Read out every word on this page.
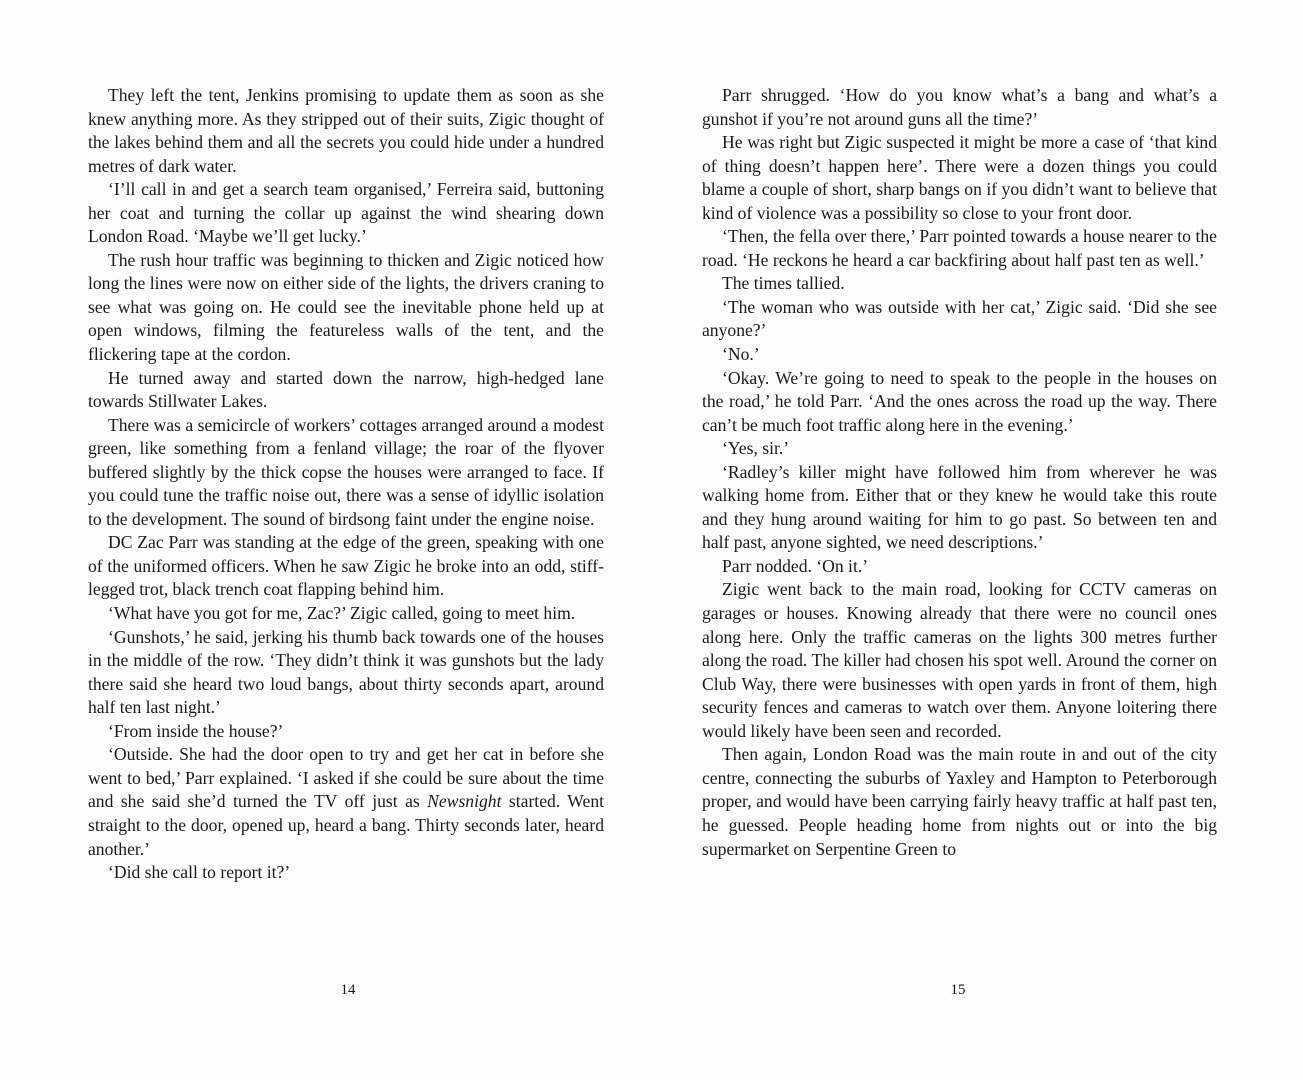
They left the tent, Jenkins promising to update them as soon as she knew anything more. As they stripped out of their suits, Zigic thought of the lakes behind them and all the secrets you could hide under a hundred metres of dark water.

‘I’ll call in and get a search team organised,’ Ferreira said, buttoning her coat and turning the collar up against the wind shearing down London Road. ‘Maybe we’ll get lucky.’

The rush hour traffic was beginning to thicken and Zigic noticed how long the lines were now on either side of the lights, the drivers craning to see what was going on. He could see the inevitable phone held up at open windows, filming the featureless walls of the tent, and the flickering tape at the cordon.

He turned away and started down the narrow, high-hedged lane towards Stillwater Lakes.

There was a semicircle of workers’ cottages arranged around a modest green, like something from a fenland village; the roar of the flyover buffered slightly by the thick copse the houses were arranged to face. If you could tune the traffic noise out, there was a sense of idyllic isolation to the development. The sound of birdsong faint under the engine noise.

DC Zac Parr was standing at the edge of the green, speaking with one of the uniformed officers. When he saw Zigic he broke into an odd, stiff-legged trot, black trench coat flapping behind him.

‘What have you got for me, Zac?’ Zigic called, going to meet him.

‘Gunshots,’ he said, jerking his thumb back towards one of the houses in the middle of the row. ‘They didn’t think it was gunshots but the lady there said she heard two loud bangs, about thirty seconds apart, around half ten last night.’

‘From inside the house?’

‘Outside. She had the door open to try and get her cat in before she went to bed,’ Parr explained. ‘I asked if she could be sure about the time and she said she’d turned the TV off just as Newsnight started. Went straight to the door, opened up, heard a bang. Thirty seconds later, heard another.’

‘Did she call to report it?’

14

Parr shrugged. ‘How do you know what’s a bang and what’s a gunshot if you’re not around guns all the time?’

He was right but Zigic suspected it might be more a case of ‘that kind of thing doesn’t happen here’. There were a dozen things you could blame a couple of short, sharp bangs on if you didn’t want to believe that kind of violence was a possibility so close to your front door.

‘Then, the fella over there,’ Parr pointed towards a house nearer to the road. ‘He reckons he heard a car backfiring about half past ten as well.’

The times tallied.

‘The woman who was outside with her cat,’ Zigic said. ‘Did she see anyone?’

‘No.’

‘Okay. We’re going to need to speak to the people in the houses on the road,’ he told Parr. ‘And the ones across the road up the way. There can’t be much foot traffic along here in the evening.’

‘Yes, sir.’

‘Radley’s killer might have followed him from wherever he was walking home from. Either that or they knew he would take this route and they hung around waiting for him to go past. So between ten and half past, anyone sighted, we need descriptions.’

Parr nodded. ‘On it.’

Zigic went back to the main road, looking for CCTV cameras on garages or houses. Knowing already that there were no council ones along here. Only the traffic cameras on the lights 300 metres further along the road. The killer had chosen his spot well. Around the corner on Club Way, there were businesses with open yards in front of them, high security fences and cameras to watch over them. Anyone loitering there would likely have been seen and recorded.

Then again, London Road was the main route in and out of the city centre, connecting the suburbs of Yaxley and Hampton to Peterborough proper, and would have been carrying fairly heavy traffic at half past ten, he guessed. People heading home from nights out or into the big supermarket on Serpentine Green to

15
